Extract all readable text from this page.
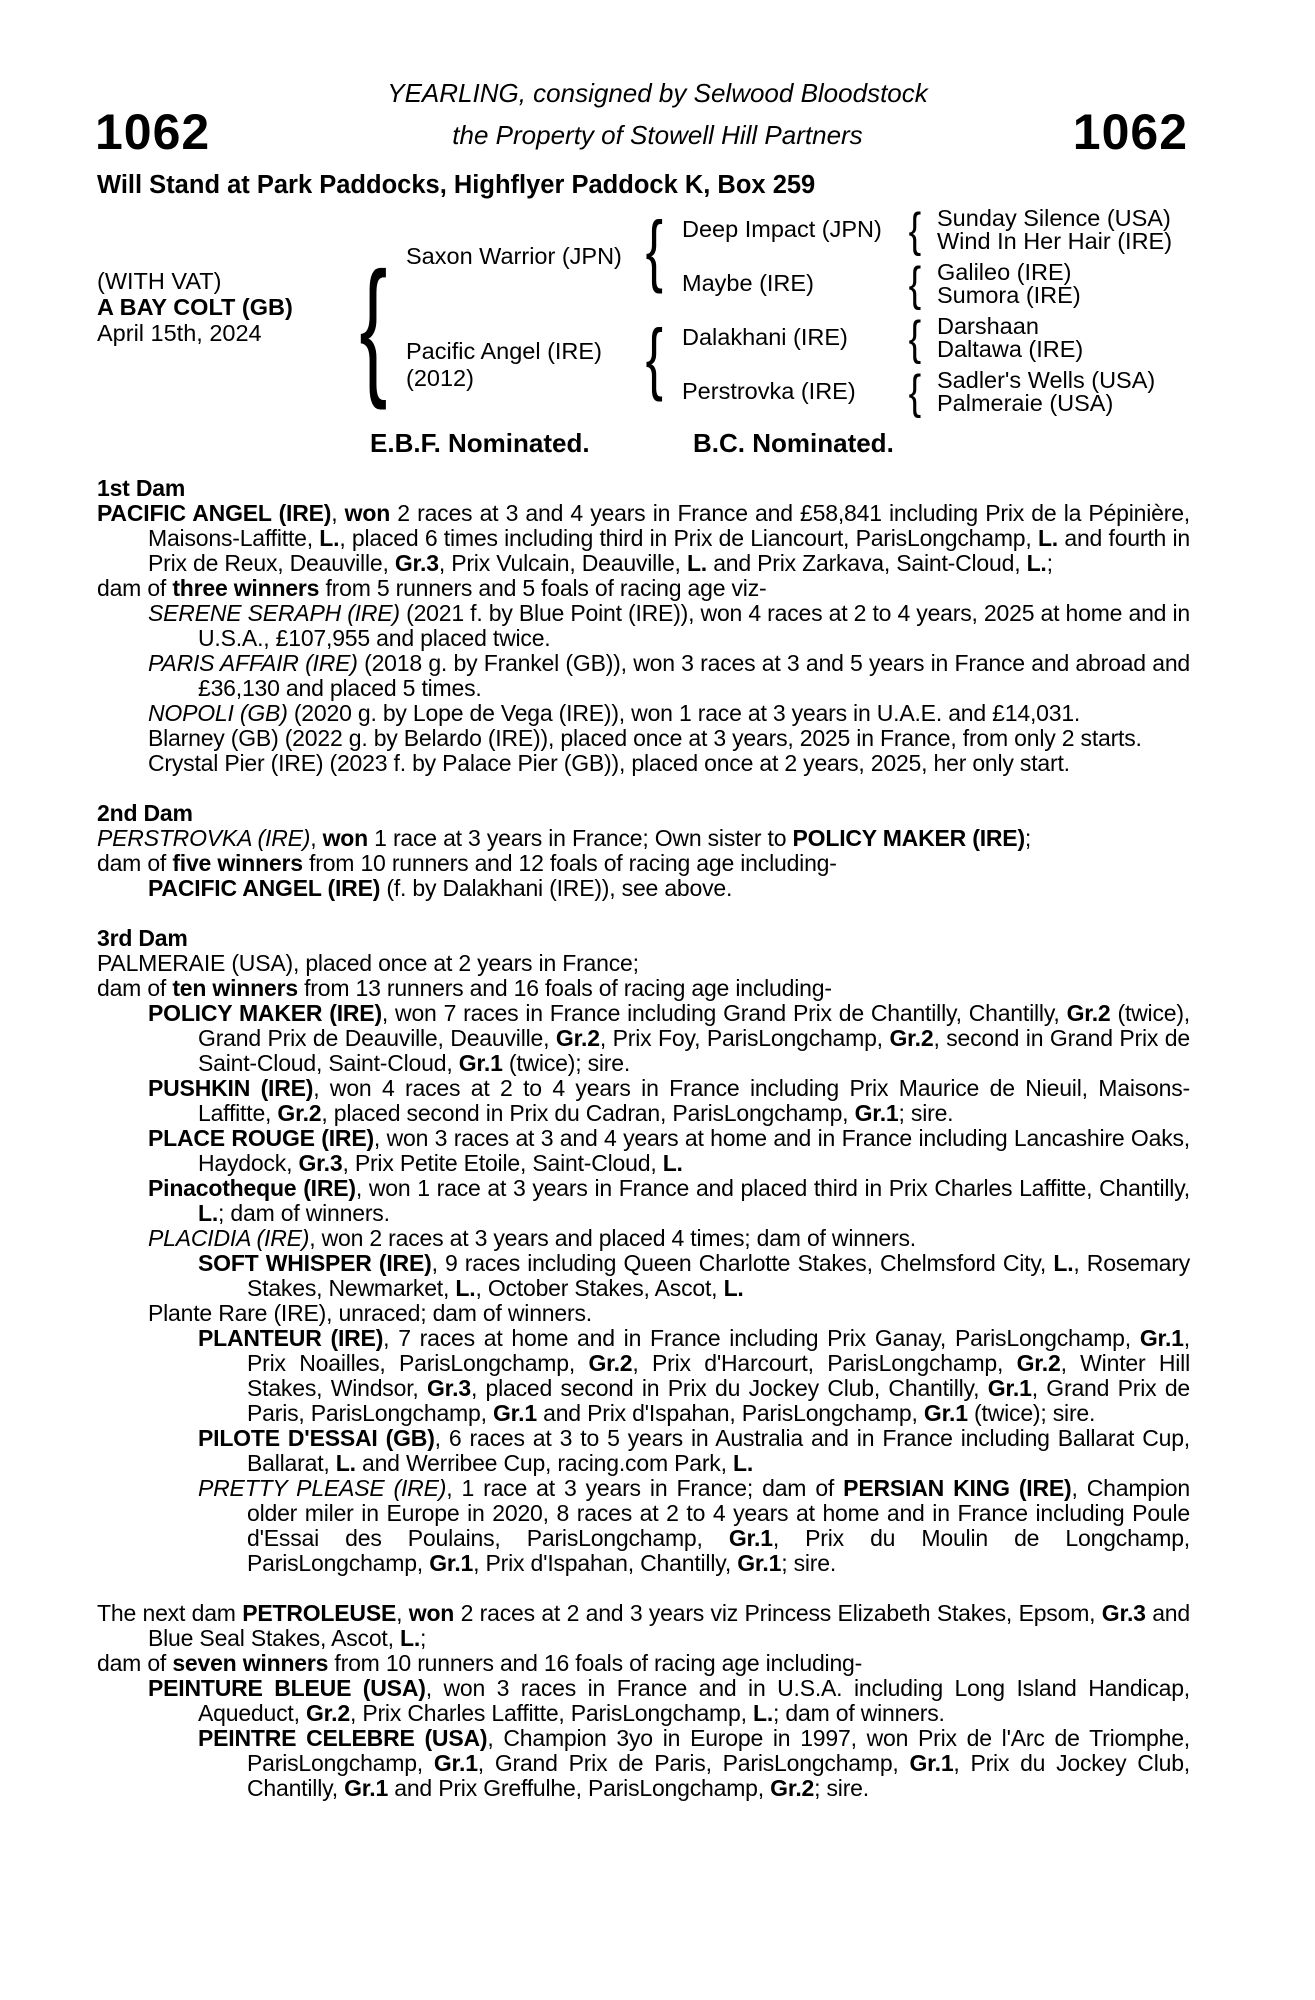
YEARLING, consigned by Selwood Bloodstock
the Property of Stowell Hill Partners
1062	1062
Will Stand at Park Paddocks, Highflyer Paddock K, Box 259
(WITH VAT)
A BAY COLT (GB)
April 15th, 2024 { Saxon Warrior (JPN)
Pacific Angel (IRE)
(2012)
{
{
Deep Impact (JPN)
Maybe (IRE)
Dalakhani (IRE)
Perstrovka (IRE)
{
{
{
{
Sunday Silence (USA)
Wind In Her Hair (IRE)
Galileo (IRE)
Sumora (IRE)
Darshaan
Daltawa (IRE)
Sadler's Wells (USA)
Palmeraie (USA)
E.B.F. Nominated.	B.C. Nominated.
1st Dam
PACIFIC ANGEL (IRE), won 2 races at 3 and 4 years in France and £58,841 including Prix de la Pépinière, Maisons-Laffitte, L., placed 6 times including third in Prix de Liancourt, ParisLongchamp, L. and fourth in Prix de Reux, Deauville, Gr.3, Prix Vulcain, Deauville, L. and Prix Zarkava, Saint-Cloud, L.;
dam of three winners from 5 runners and 5 foals of racing age viz-
SERENE SERAPH (IRE) (2021 f. by Blue Point (IRE)), won 4 races at 2 to 4 years, 2025 at home and in U.S.A., £107,955 and placed twice.
PARIS AFFAIR (IRE) (2018 g. by Frankel (GB)), won 3 races at 3 and 5 years in France and abroad and £36,130 and placed 5 times.
NOPOLI (GB) (2020 g. by Lope de Vega (IRE)), won 1 race at 3 years in U.A.E. and £14,031.
Blarney (GB) (2022 g. by Belardo (IRE)), placed once at 3 years, 2025 in France, from only 2 starts.
Crystal Pier (IRE) (2023 f. by Palace Pier (GB)), placed once at 2 years, 2025, her only start.
2nd Dam
PERSTROVKA (IRE), won 1 race at 3 years in France; Own sister to POLICY MAKER (IRE);
dam of five winners from 10 runners and 12 foals of racing age including-
PACIFIC ANGEL (IRE) (f. by Dalakhani (IRE)), see above.
3rd Dam
PALMERAIE (USA), placed once at 2 years in France;
dam of ten winners from 13 runners and 16 foals of racing age including-
POLICY MAKER (IRE), won 7 races in France including Grand Prix de Chantilly, Chantilly, Gr.2 (twice), Grand Prix de Deauville, Deauville, Gr.2, Prix Foy, ParisLongchamp, Gr.2, second in Grand Prix de Saint-Cloud, Saint-Cloud, Gr.1 (twice); sire.
PUSHKIN (IRE), won 4 races at 2 to 4 years in France including Prix Maurice de Nieuil, Maisons-Laffitte, Gr.2, placed second in Prix du Cadran, ParisLongchamp, Gr.1; sire.
PLACE ROUGE (IRE), won 3 races at 3 and 4 years at home and in France including Lancashire Oaks, Haydock, Gr.3, Prix Petite Etoile, Saint-Cloud, L.
Pinacotheque (IRE), won 1 race at 3 years in France and placed third in Prix Charles Laffitte, Chantilly, L.; dam of winners.
PLACIDIA (IRE), won 2 races at 3 years and placed 4 times; dam of winners.
SOFT WHISPER (IRE), 9 races including Queen Charlotte Stakes, Chelmsford City, L., Rosemary Stakes, Newmarket, L., October Stakes, Ascot, L.
Plante Rare (IRE), unraced; dam of winners.
PLANTEUR (IRE), 7 races at home and in France including Prix Ganay, ParisLongchamp, Gr.1, Prix Noailles, ParisLongchamp, Gr.2, Prix d'Harcourt, ParisLongchamp, Gr.2, Winter Hill Stakes, Windsor, Gr.3, placed second in Prix du Jockey Club, Chantilly, Gr.1, Grand Prix de Paris, ParisLongchamp, Gr.1 and Prix d'Ispahan, ParisLongchamp, Gr.1 (twice); sire.
PILOTE D'ESSAI (GB), 6 races at 3 to 5 years in Australia and in France including Ballarat Cup, Ballarat, L. and Werribee Cup, racing.com Park, L.
PRETTY PLEASE (IRE), 1 race at 3 years in France; dam of PERSIAN KING (IRE), Champion older miler in Europe in 2020, 8 races at 2 to 4 years at home and in France including Poule d'Essai des Poulains, ParisLongchamp, Gr.1, Prix du Moulin de Longchamp, ParisLongchamp, Gr.1, Prix d'Ispahan, Chantilly, Gr.1; sire.
The next dam PETROLEUSE, won 2 races at 2 and 3 years viz Princess Elizabeth Stakes, Epsom, Gr.3 and Blue Seal Stakes, Ascot, L.;
dam of seven winners from 10 runners and 16 foals of racing age including-
PEINTURE BLEUE (USA), won 3 races in France and in U.S.A. including Long Island Handicap, Aqueduct, Gr.2, Prix Charles Laffitte, ParisLongchamp, L.; dam of winners.
PEINTRE CELEBRE (USA), Champion 3yo in Europe in 1997, won Prix de l'Arc de Triomphe, ParisLongchamp, Gr.1, Grand Prix de Paris, ParisLongchamp, Gr.1, Prix du Jockey Club, Chantilly, Gr.1 and Prix Greffulhe, ParisLongchamp, Gr.2; sire.
